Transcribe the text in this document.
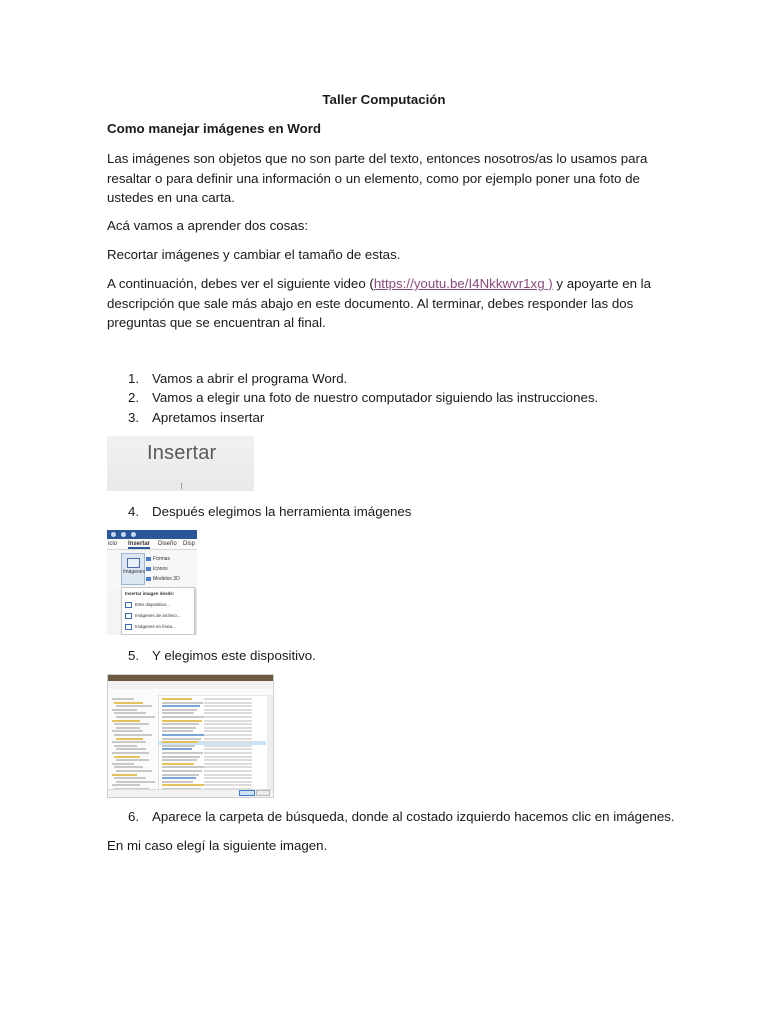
Taller Computación
Como manejar imágenes en Word
Las imágenes son objetos que no son parte del texto, entonces nosotros/as lo usamos para resaltar o para definir una información o un elemento, como por ejemplo poner una foto de ustedes en una carta.
Acá vamos a aprender dos cosas:
Recortar imágenes y cambiar el tamaño de estas.
A continuación, debes ver el siguiente video (https://youtu.be/I4Nkkwvr1xg ) y apoyarte en la descripción que sale más abajo en este documento. Al terminar, debes responder las dos preguntas que se encuentran al final.
1. Vamos a abrir el programa Word.
2. Vamos a elegir una foto de nuestro computador siguiendo las instrucciones.
3. Apretamos insertar
Insertar
4. Después elegimos la herramienta imágenes
icio Insertar Diseño Disp
Imágenes
Formas
Iconos
Modelos 3D
Insertar imagen desde:
Este dispositivo...
Imágenes de archivo...
Imágenes en línea...
5. Y elegimos este dispositivo.
6. Aparece la carpeta de búsqueda, donde al costado izquierdo hacemos clic en imágenes.
En mi caso elegí la siguiente imagen.
